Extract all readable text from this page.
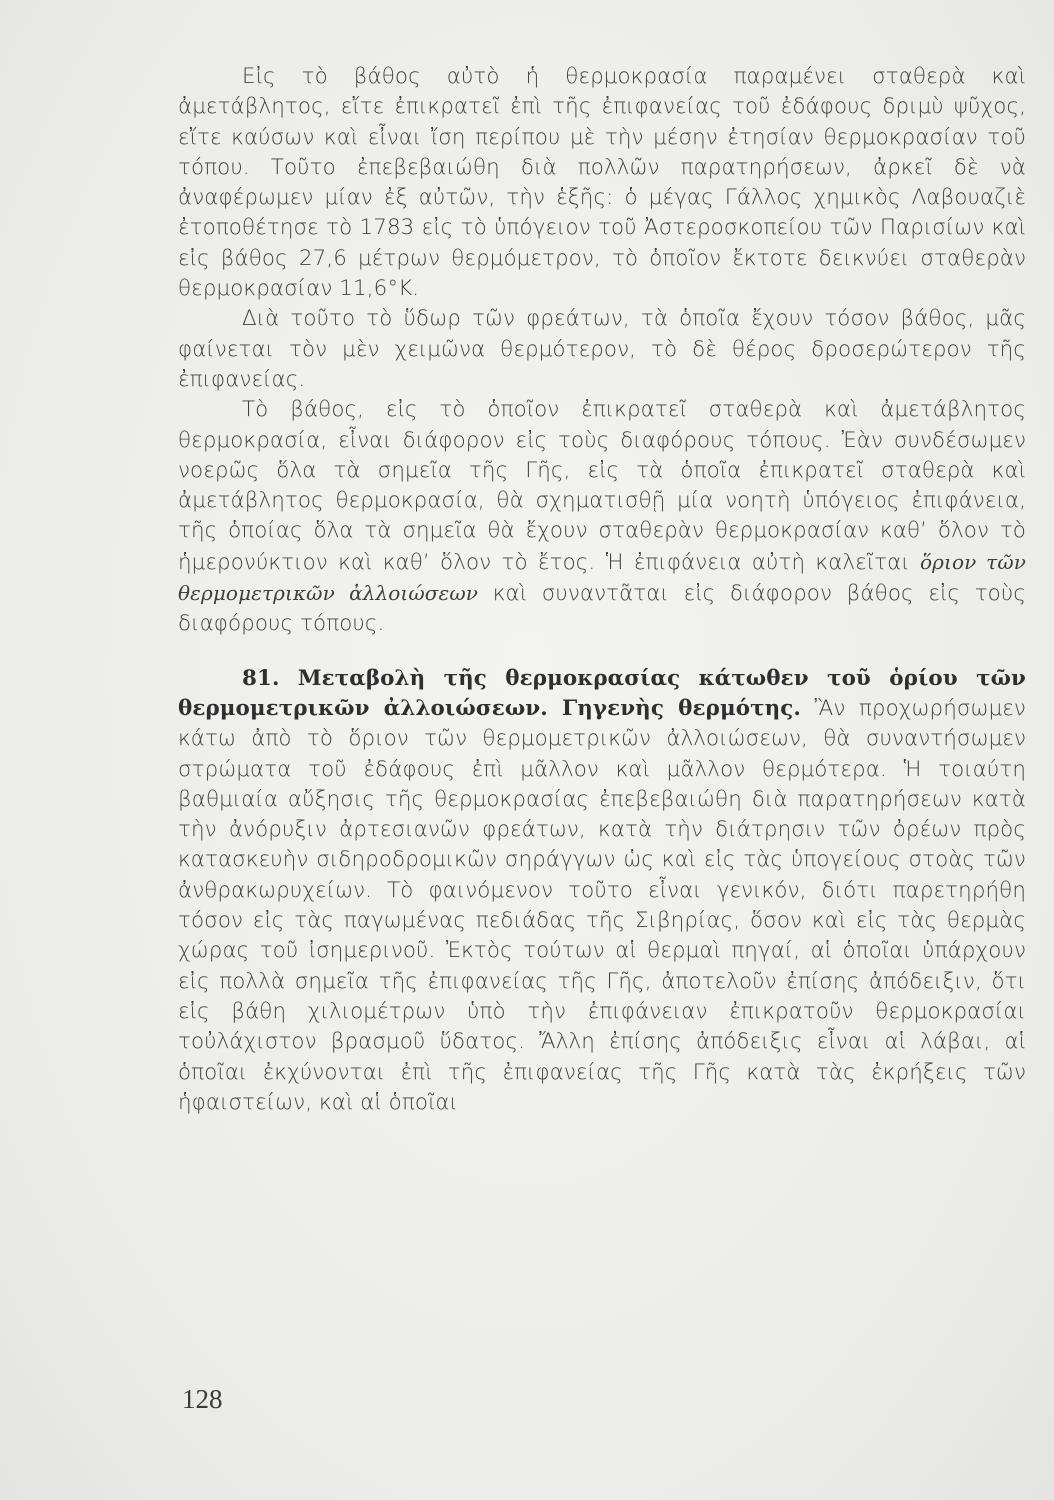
Εἰς τὸ βάθος αὐτὸ ἡ θερμοκρασία παραμένει σταθερὰ καὶ ἀμετάβλητος, εἴτε ἐπικρατεῖ ἐπὶ τῆς ἐπιφανείας τοῦ ἐδάφους δριμὺ ψῦχος, εἴτε καύσων καὶ εἶναι ἴση περίπου μὲ τὴν μέσην ἐτησίαν θερμοκρασίαν τοῦ τόπου. Τοῦτο ἐπεβεβαιώθη διὰ πολλῶν παρατηρήσεων, ἀρκεῖ δὲ νὰ ἀναφέρωμεν μίαν ἐξ αὐτῶν, τὴν ἑξῆς: ὁ μέγας Γάλλος χημικὸς Λαβουαζιὲ ἐτοποθέτησε τὸ 1783 εἰς τὸ ὑπόγειον τοῦ Ἀστεροσκοπείου τῶν Παρισίων καὶ εἰς βάθος 27,6 μέτρων θερμόμετρον, τὸ ὁποῖον ἔκτοτε δεικνύει σταθερὰν θερμοκρασίαν 11,6°Κ.

Διὰ τοῦτο τὸ ὕδωρ τῶν φρεάτων, τὰ ὁποῖα ἔχουν τόσον βάθος, μᾶς φαίνεται τὸν μὲν χειμῶνα θερμότερον, τὸ δὲ θέρος δροσερώτερον τῆς ἐπιφανείας.

Τὸ βάθος, εἰς τὸ ὁποῖον ἐπικρατεῖ σταθερὰ καὶ ἀμετάβλητος θερμοκρασία, εἶναι διάφορον εἰς τοὺς διαφόρους τόπους. Ἐὰν συνδέσωμεν νοερῶς ὅλα τὰ σημεῖα τῆς Γῆς, εἰς τὰ ὁποῖα ἐπικρατεῖ σταθερὰ καὶ ἀμετάβλητος θερμοκρασία, θὰ σχηματισθῇ μία νοητὴ ὑπόγειος ἐπιφάνεια, τῆς ὁποίας ὅλα τὰ σημεῖα θὰ ἔχουν σταθερὰν θερμοκρασίαν καθ’ ὅλον τὸ ἡμερονύκτιον καὶ καθ’ ὅλον τὸ ἔτος. Ἡ ἐπιφάνεια αὐτὴ καλεῖται ὅριον τῶν θερμομετρικῶν ἀλλοιώσεων καὶ συναντᾶται εἰς διάφορον βάθος εἰς τοὺς διαφόρους τόπους.

81. Μεταβολὴ τῆς θερμοκρασίας κάτωθεν τοῦ ὁρίου τῶν θερμομετρικῶν ἀλλοιώσεων. Γηγενὴς θερμότης. Ἂν προχωρήσωμεν κάτω ἀπὸ τὸ ὅριον τῶν θερμομετρικῶν ἀλλοιώσεων, θὰ συναντήσωμεν στρώματα τοῦ ἐδάφους ἐπὶ μᾶλλον καὶ μᾶλλον θερμότερα. Ἡ τοιαύτη βαθμιαία αὔξησις τῆς θερμοκρασίας ἐπεβεβαιώθη διὰ παρατηρήσεων κατὰ τὴν ἀνόρυξιν ἀρτεσιανῶν φρεάτων, κατὰ τὴν διάτρησιν τῶν ὀρέων πρὸς κατασκευὴν σιδηροδρομικῶν σηράγγων ὡς καὶ εἰς τὰς ὑπογείους στοὰς τῶν ἀνθρακωρυχείων. Τὸ φαινόμενον τοῦτο εἶναι γενικόν, διότι παρετηρήθη τόσον εἰς τὰς παγωμένας πεδιάδας τῆς Σιβηρίας, ὅσον καὶ εἰς τὰς θερμὰς χώρας τοῦ ἰσημερινοῦ. Ἐκτὸς τούτων αἱ θερμαὶ πηγαί, αἱ ὁποῖαι ὑπάρχουν εἰς πολλὰ σημεῖα τῆς ἐπιφανείας τῆς Γῆς, ἀποτελοῦν ἐπίσης ἀπόδειξιν, ὅτι εἰς βάθη χιλιομέτρων ὑπὸ τὴν ἐπιφάνειαν ἐπικρατοῦν θερμοκρασίαι τοὐλάχιστον βρασμοῦ ὕδατος. Ἄλλη ἐπίσης ἀπόδειξις εἶναι αἱ λάβαι, αἱ ὁποῖαι ἐκχύνονται ἐπὶ τῆς ἐπιφανείας τῆς Γῆς κατὰ τὰς ἐκρήξεις τῶν ἡφαιστείων, καὶ αἱ ὁποῖαι

128
